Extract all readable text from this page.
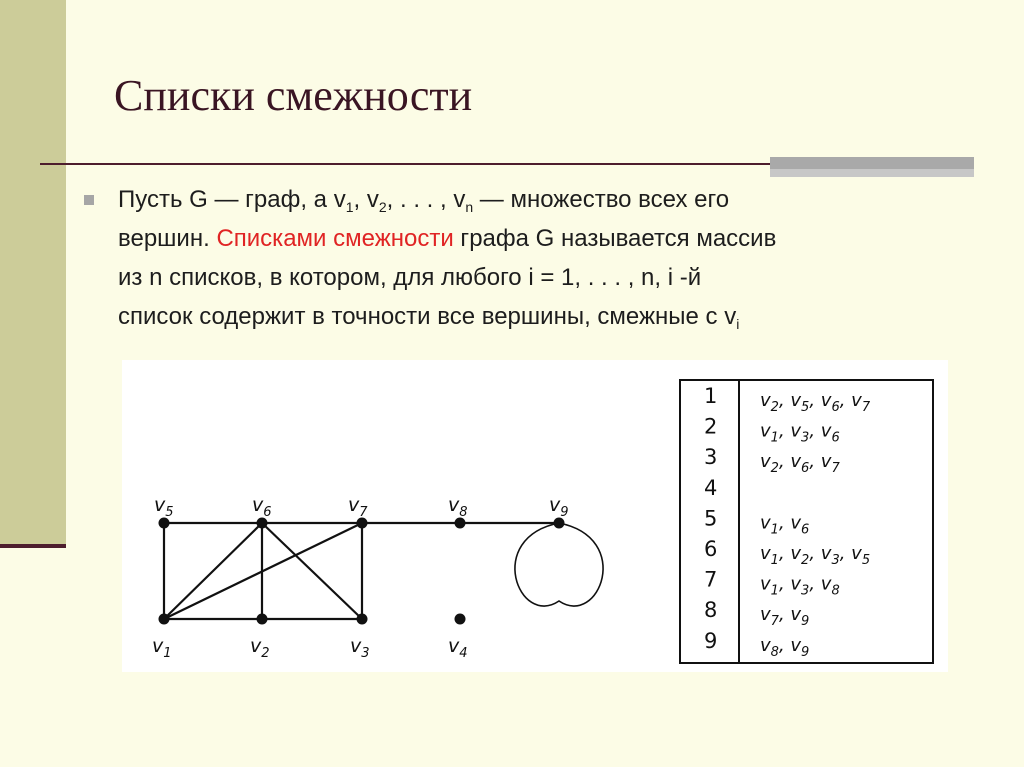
Списки смежности
Пусть G — граф, а $v_1$, $v_2$, . . . , $v_n$ — множество всех его
вершин. Списками смежности графа G называется массив
из n списков, в котором, для любого i = 1, . . . , n, i -й
список содержит в точности все вершины, смежные с $v_i$
$v_1$	$v_2$	$v_3$	$v_4$
$v_5$	$v_6$	$v_7$	$v_8$	$v_9$
1 $v_2$, $v_5$, $v_6$, $v_7$
2 $v_1$, $v_3$, $v_6$
3 $v_2$, $v_6$, $v_7$
4
5 $v_1$, $v_6$
6 $v_1$, $v_2$, $v_3$, $v_5$
7 $v_1$, $v_3$, $v_8$
8 $v_7$, $v_9$
9 $v_8$, $v_9$
